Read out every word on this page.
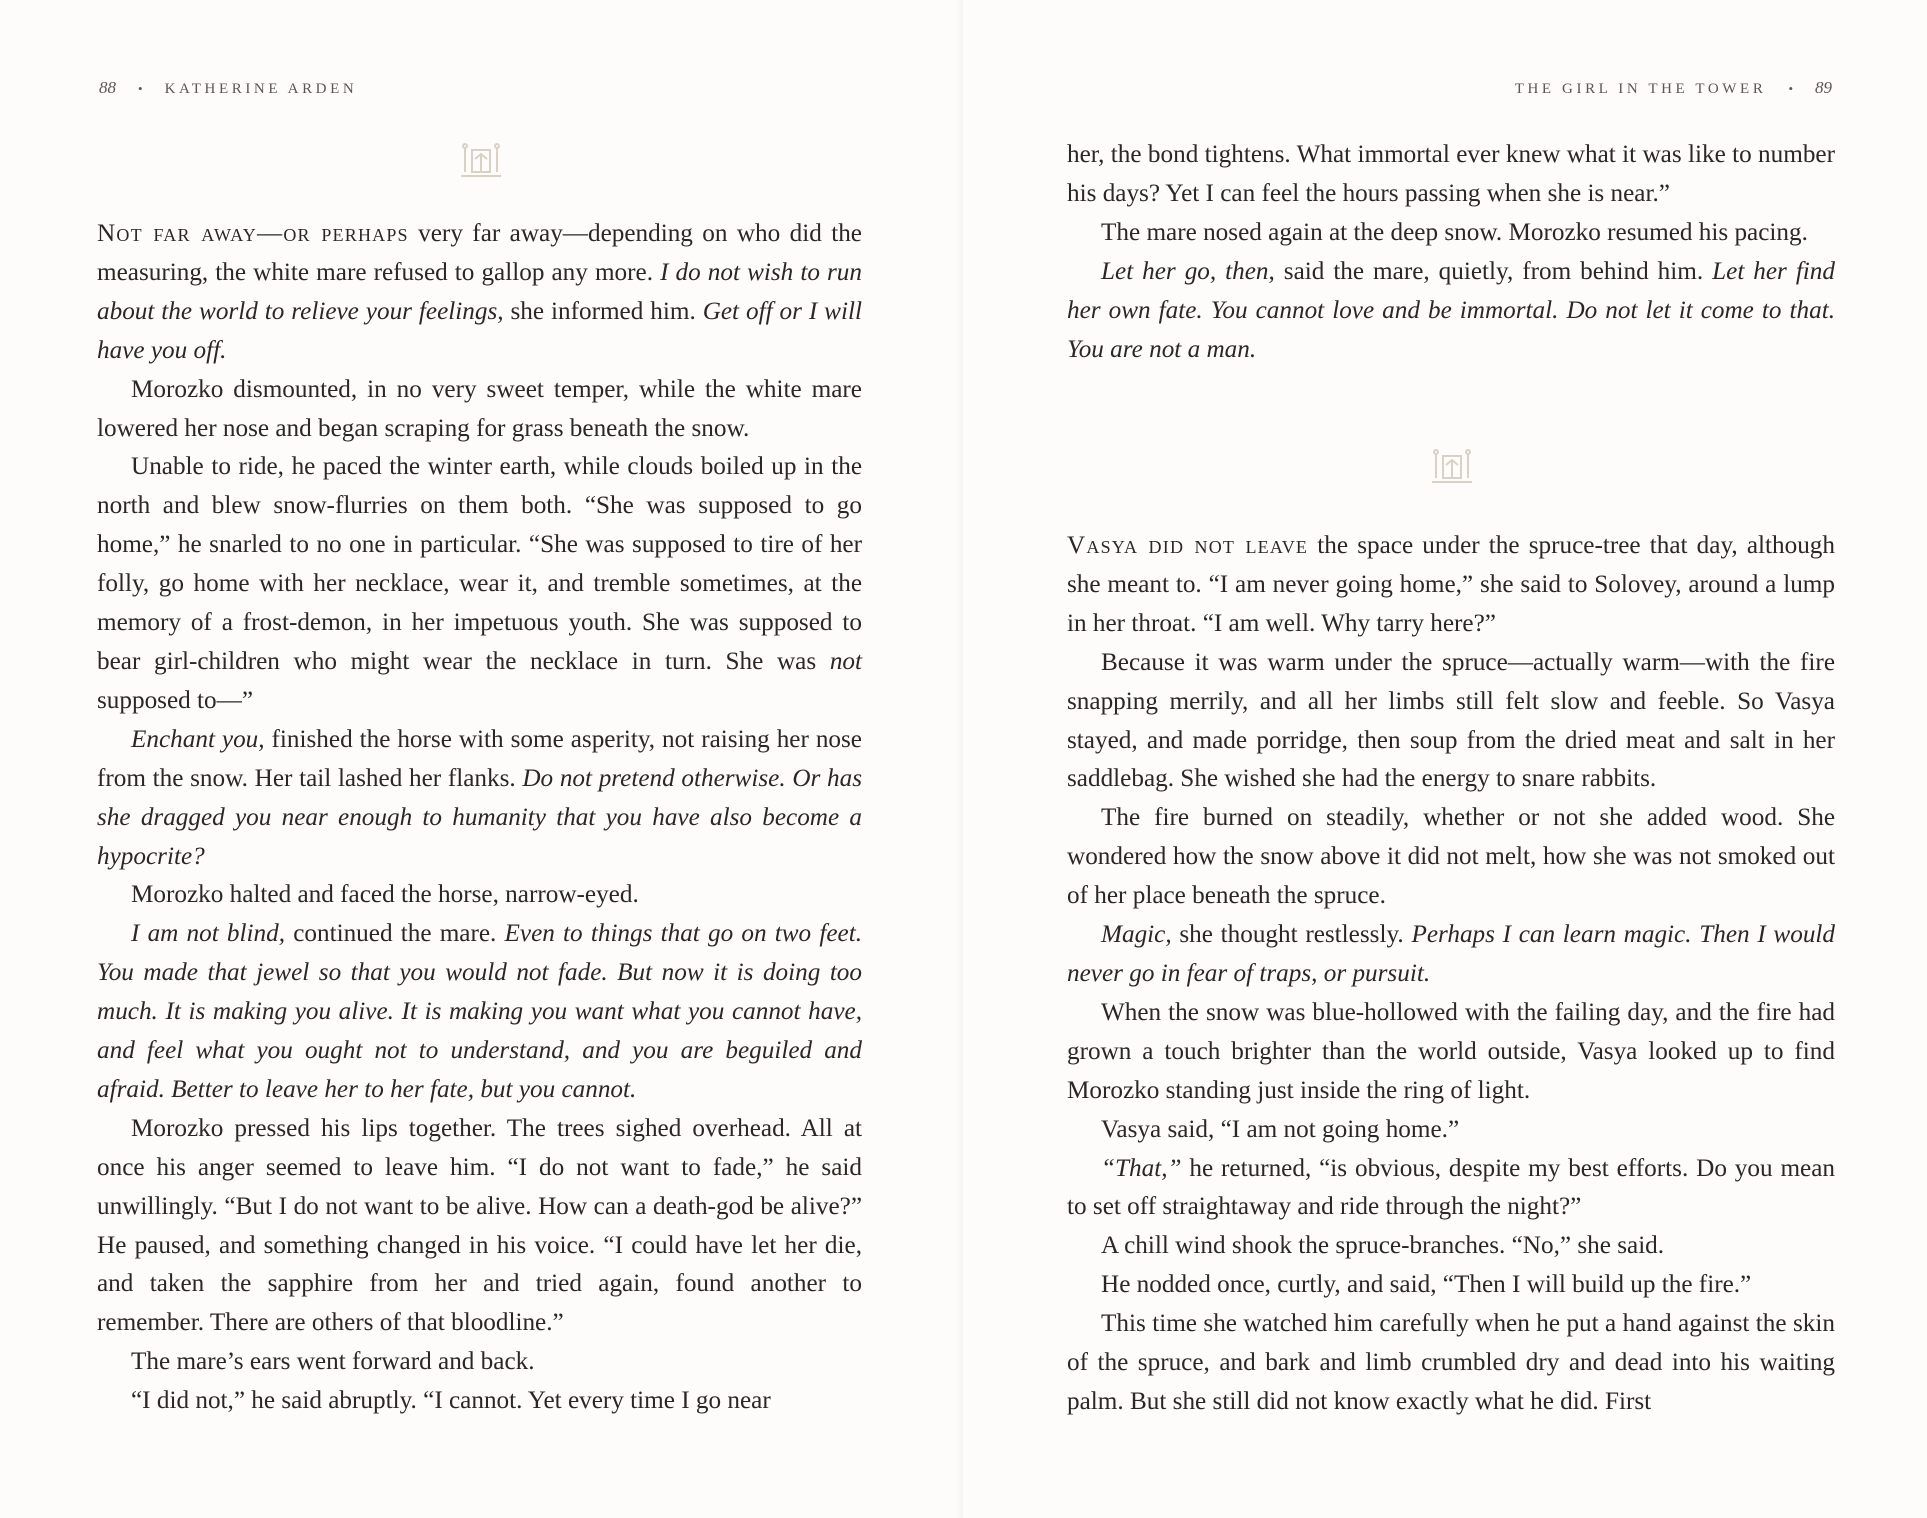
88 • KATHERINE ARDEN

Not far away—or perhaps very far away—depending on who did the measuring, the white mare refused to gallop any more. I do not wish to run about the world to relieve your feelings, she informed him. Get off or I will have you off.

Morozko dismounted, in no very sweet temper, while the white mare lowered her nose and began scraping for grass beneath the snow.

Unable to ride, he paced the winter earth, while clouds boiled up in the north and blew snow-flurries on them both. “She was supposed to go home,” he snarled to no one in particular. “She was supposed to tire of her folly, go home with her necklace, wear it, and tremble sometimes, at the memory of a frost-demon, in her impetuous youth. She was supposed to bear girl-children who might wear the necklace in turn. She was not supposed to—”

Enchant you, finished the horse with some asperity, not raising her nose from the snow. Her tail lashed her flanks. Do not pretend otherwise. Or has she dragged you near enough to humanity that you have also become a hypocrite?

Morozko halted and faced the horse, narrow-eyed.

I am not blind, continued the mare. Even to things that go on two feet. You made that jewel so that you would not fade. But now it is doing too much. It is making you alive. It is making you want what you cannot have, and feel what you ought not to understand, and you are beguiled and afraid. Better to leave her to her fate, but you cannot.

Morozko pressed his lips together. The trees sighed overhead. All at once his anger seemed to leave him. “I do not want to fade,” he said unwillingly. “But I do not want to be alive. How can a death-god be alive?” He paused, and something changed in his voice. “I could have let her die, and taken the sapphire from her and tried again, found another to remember. There are others of that bloodline.”

The mare’s ears went forward and back.

“I did not,” he said abruptly. “I cannot. Yet every time I go near

THE GIRL IN THE TOWER • 89

her, the bond tightens. What immortal ever knew what it was like to number his days? Yet I can feel the hours passing when she is near.”

The mare nosed again at the deep snow. Morozko resumed his pacing.

Let her go, then, said the mare, quietly, from behind him. Let her find her own fate. You cannot love and be immortal. Do not let it come to that. You are not a man.

Vasya did not leave the space under the spruce-tree that day, although she meant to. “I am never going home,” she said to Solovey, around a lump in her throat. “I am well. Why tarry here?”

Because it was warm under the spruce—actually warm—with the fire snapping merrily, and all her limbs still felt slow and feeble. So Vasya stayed, and made porridge, then soup from the dried meat and salt in her saddlebag. She wished she had the energy to snare rabbits.

The fire burned on steadily, whether or not she added wood. She wondered how the snow above it did not melt, how she was not smoked out of her place beneath the spruce.

Magic, she thought restlessly. Perhaps I can learn magic. Then I would never go in fear of traps, or pursuit.

When the snow was blue-hollowed with the failing day, and the fire had grown a touch brighter than the world outside, Vasya looked up to find Morozko standing just inside the ring of light.

Vasya said, “I am not going home.”

“That,” he returned, “is obvious, despite my best efforts. Do you mean to set off straightaway and ride through the night?”

A chill wind shook the spruce-branches. “No,” she said.

He nodded once, curtly, and said, “Then I will build up the fire.”

This time she watched him carefully when he put a hand against the skin of the spruce, and bark and limb crumbled dry and dead into his waiting palm. But she still did not know exactly what he did. First
